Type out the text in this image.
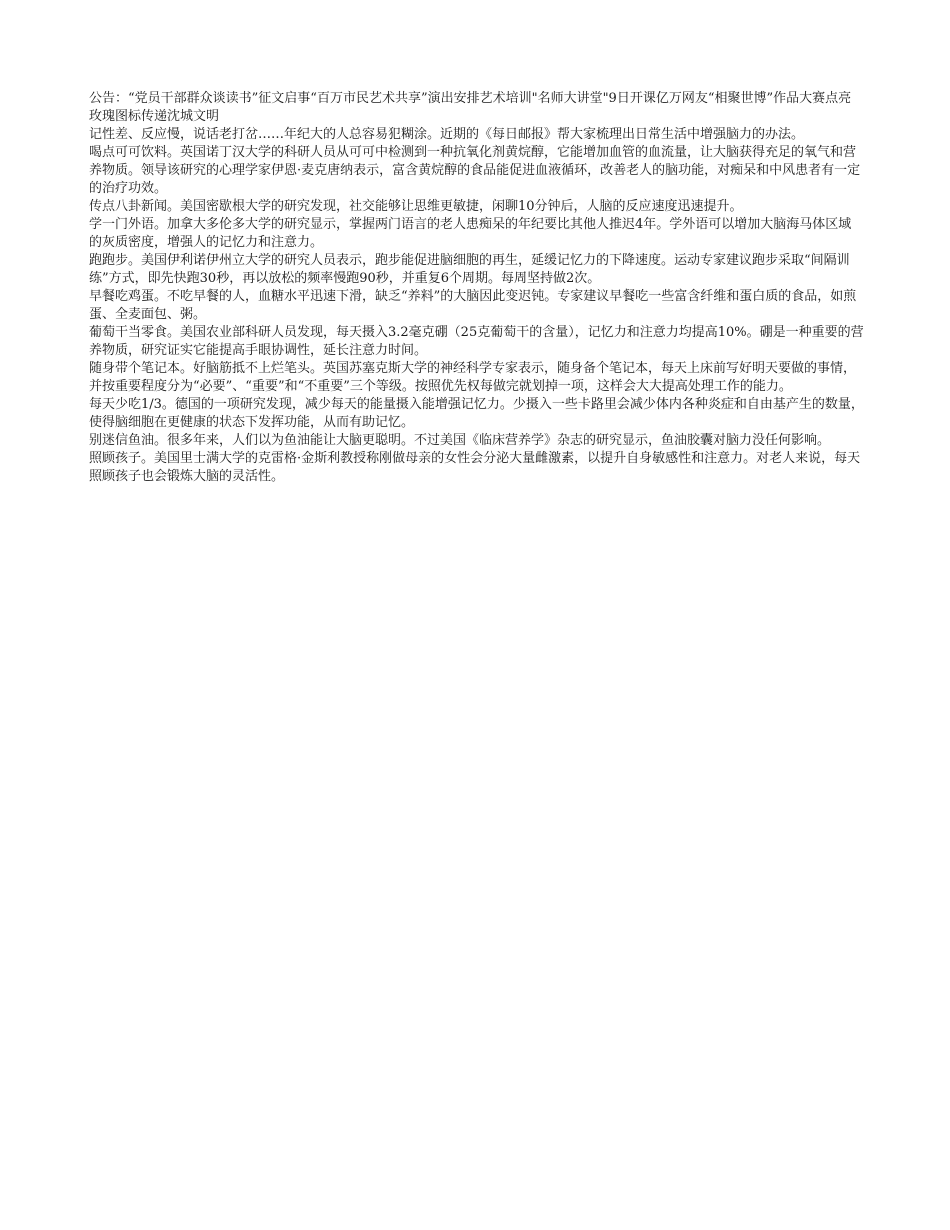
公告：“党员干部群众谈读书”征文启事“百万市民艺术共享”演出安排艺术培训"名师大讲堂"9日开课亿万网友“相聚世博”作品大赛点亮玫瑰图标传递沈城文明

记性差、反应慢，说话老打岔……年纪大的人总容易犯糊涂。近期的《每日邮报》帮大家梳理出日常生活中增强脑力的办法。

喝点可可饮料。英国诺丁汉大学的科研人员从可可中检测到一种抗氧化剂黄烷醇，它能增加血管的血流量，让大脑获得充足的氧气和营养物质。领导该研究的心理学家伊恩·麦克唐纳表示，富含黄烷醇的食品能促进血液循环，改善老人的脑功能，对痴呆和中风患者有一定的治疗功效。

传点八卦新闻。美国密歇根大学的研究发现，社交能够让思维更敏捷，闲聊10分钟后，人脑的反应速度迅速提升。

学一门外语。加拿大多伦多大学的研究显示，掌握两门语言的老人患痴呆的年纪要比其他人推迟4年。学外语可以增加大脑海马体区域的灰质密度，增强人的记忆力和注意力。

跑跑步。美国伊利诺伊州立大学的研究人员表示，跑步能促进脑细胞的再生，延缓记忆力的下降速度。运动专家建议跑步采取“间隔训练”方式，即先快跑30秒，再以放松的频率慢跑90秒，并重复6个周期。每周坚持做2次。

早餐吃鸡蛋。不吃早餐的人，血糖水平迅速下滑，缺乏“养料”的大脑因此变迟钝。专家建议早餐吃一些富含纤维和蛋白质的食品，如煎蛋、全麦面包、粥。

葡萄干当零食。美国农业部科研人员发现，每天摄入3.2毫克硼（25克葡萄干的含量），记忆力和注意力均提高10%。硼是一种重要的营养物质，研究证实它能提高手眼协调性，延长注意力时间。

随身带个笔记本。好脑筋抵不上烂笔头。英国苏塞克斯大学的神经科学专家表示，随身备个笔记本，每天上床前写好明天要做的事情，并按重要程度分为“必要”、“重要”和“不重要”三个等级。按照优先权每做完就划掉一项，这样会大大提高处理工作的能力。

每天少吃1/3。德国的一项研究发现，减少每天的能量摄入能增强记忆力。少摄入一些卡路里会减少体内各种炎症和自由基产生的数量，使得脑细胞在更健康的状态下发挥功能，从而有助记忆。

别迷信鱼油。很多年来，人们以为鱼油能让大脑更聪明。不过美国《临床营养学》杂志的研究显示，鱼油胶囊对脑力没任何影响。

照顾孩子。美国里士满大学的克雷格·金斯利教授称刚做母亲的女性会分泌大量雌激素，以提升自身敏感性和注意力。对老人来说，每天照顾孩子也会锻炼大脑的灵活性。
